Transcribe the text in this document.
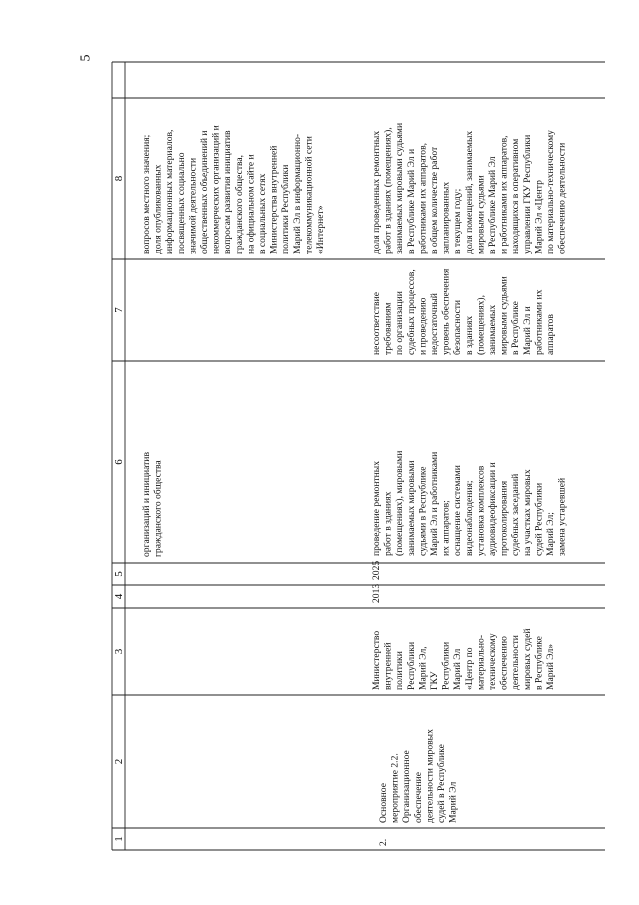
5
1
2
3
4
5
6
7
8
организаций и инициатив гражданского общества
вопросов местного значения; доля опубликованных информационных материалов, посвященных социально значимой деятельности общественных объединений и некоммерческих организаций и вопросам развития инициатив гражданского общества, на официальном сайте и в социальных сетях Министерства внутренней политики Республики Марий Эл в информационно- телекоммуникационной сети «Интернет»
2.
Основное мероприятие 2.2. Организационное обеспечение деятельности мировых судей в Республике Марий Эл
Министерство внутренней политики Республики Марий Эл, ГКУ Республики Марий Эл «Центр по материально- техническому обеспечению деятельности мировых судей в Республике Марий Эл»
2013
2025
проведение ремонтных работ в зданиях (помещениях), мировыми занимаемых мировыми судьями в Республике Марий Эл и работниками их аппаратов; оснащение системами видеонаблюдения; установка комплексов аудиовидеофиксации и протоколирования судебных заседаний на участках мировых судей Республики Марий Эл; замена устаревшей
несоответствие требованиям по организации судебных процессов, и проведению недостаточный уровень обеспечения безопасности в зданиях (помещениях), занимаемых мировыми судьями в Республике Марий Эл и работниками их аппаратов
доля проведенных ремонтных работ в зданиях (помещениях), занимаемых мировыми судьями в Республике Марий Эл и работниками их аппаратов, в общем количестве работ запланированных в текущем году; доля помещений, занимаемых мировыми судьями в Республике Марий Эл и работниками их аппаратов, находящихся в оперативном управлении ГКУ Республики Марий Эл «Центр по материально-техническому обеспечению деятельности
